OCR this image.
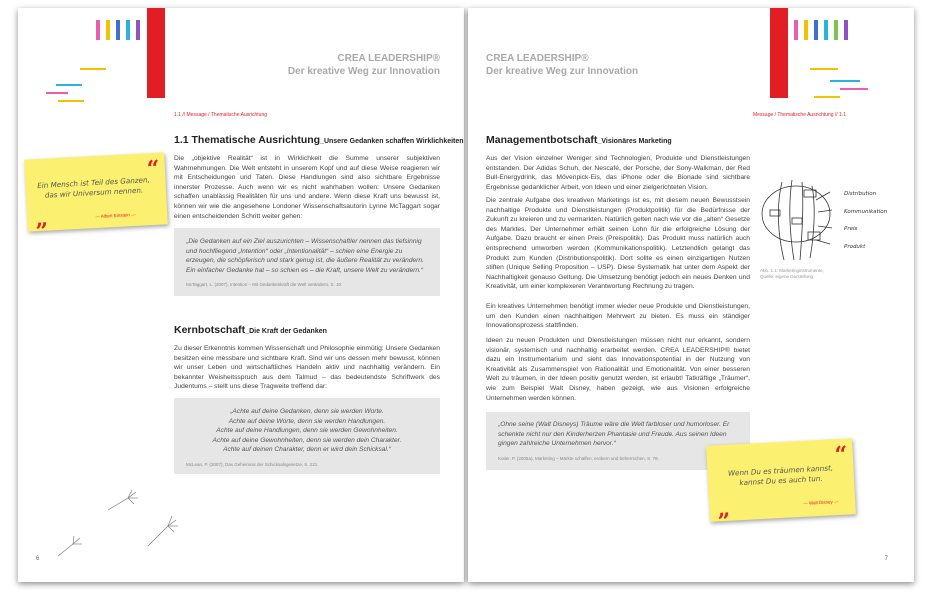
CREA LEADERSHIP®
Der kreative Weg zur Innovation
1.1 // Message / Thematische Ausrichtung
1.1 Thematische Ausrichtung_Unsere Gedanken schaffen Wirklichkeiten
Die „objektive Realität“ ist in Wirklichkeit die Summe unserer subjektiven Wahrnehmungen. Die Welt entsteht in unserem Kopf und auf diese Weise reagieren wir mit Entscheidungen und Taten. Diese Handlungen sind also sichtbare Ergebnisse innerster Prozesse. Auch wenn wir es nicht wahrhaben wollen: Unsere Gedanken schaffen unablässig Realitäten für uns und andere. Wenn diese Kraft uns bewusst ist, können wir wie die angesehene Londoner Wissenschaftsautorin Lynne McTaggart sogar einen entscheidenden Schritt weiter gehen:
„Die Gedanken auf ein Ziel auszurichten – Wissenschaftler nennen das tiefsinnig und hochfliegend „Intention“ oder „Intentionalität“ – schien eine Energie zu erzeugen, die schöpferisch und stark genug ist, die äußere Realität zu verändern. Ein einfacher Gedanke hat – so schien es – die Kraft, unsere Welt zu verändern.“
McTaggart, L. (2007), Intention – Mit Gedankenkraft die Welt verändern, S. 10.
Kernbotschaft_Die Kraft der Gedanken
Zu dieser Erkenntnis kommen Wissenschaft und Philosophie einmütig: Unsere Gedanken besitzen eine messbare und sichtbare Kraft. Sind wir uns dessen mehr bewusst, können wir unser Leben und wirtschaftliches Handeln aktiv und nachhaltig verändern. Ein bekannter Weisheitsspruch aus dem Talmud – das bedeutendste Schriftwerk des Judentums – stellt uns diese Tragweite treffend dar:
„Achte auf deine Gedanken, denn sie werden Worte.
Achte auf deine Worte, denn sie werden Handlungen.
Achte auf deine Handlungen, denn sie werden Gewohnheiten.
Achte auf deine Gewohnheiten, denn sie werden dein Charakter.
Achte auf deinen Charakter, denn er wird dein Schicksal.“
McLean, P. (2007), Das Geheimnis der Schicksalsgesetze, S. 221.
“
Ein Mensch ist Teil des Ganzen, das wir Universum nennen.
„	— Albert Einstein —
6
CREA LEADERSHIP®
Der kreative Weg zur Innovation
Message / Thematische Ausrichtung // 1.1
Managementbotschaft_Visionäres Marketing
Aus der Vision einzelner Weniger sind Technologien, Produkte und Dienstleistungen entstanden. Der Adidas Schuh, der Nescafé, der Porsche, der Sony-Walkman, der Red Bull-Energydrink, das Mövenpick-Eis, das iPhone oder die Bionade sind sichtbare Ergebnisse gedanklicher Arbeit, von Ideen und einer zielgerichteten Vision.
Die zentrale Aufgabe des kreativen Marketings ist es, mit diesem neuen Bewusstsein nachhaltige Produkte und Dienstleistungen (Produktpolitik) für die Bedürfnisse der Zukunft zu kreieren und zu vermarkten. Natürlich gelten nach wie vor die „alten“ Gesetze des Marktes. Der Unternehmer erhält seinen Lohn für die erfolgreiche Lösung der Aufgabe. Dazu braucht er einen Preis (Preispolitik). Das Produkt muss natürlich auch entsprechend umworben werden (Kommunikationspolitik). Letztendlich gelangt das Produkt zum Kunden (Distributionspolitik). Dort sollte es einen einzigartigen Nutzen stiften (Unique Selling Proposition – USP). Diese Systematik hat unter dem Aspekt der Nachhaltigkeit genauso Geltung. Die Umsetzung benötigt jedoch ein neues Denken und Kreativität, um einer komplexeren Verantwortung Rechnung zu tragen.
Ein kreatives Unternehmen benötigt immer wieder neue Produkte und Dienstleistungen, um den Kunden einen nachhaltigen Mehrwert zu bieten. Es muss ein ständiger Innovationsprozess stattfinden.
Ideen zu neuen Produkten und Dienstleistungen müssen nicht nur erkannt, sondern visionär, systemisch und nachhaltig erarbeitet werden. CREA LEADERSHIP® bietet dazu ein Instrumentarium und sieht das Innovationspotential in der Nutzung von Kreativität als Zusammenspiel von Rationalität und Emotionalität. Von einer besseren Welt zu träumen, in der Ideen positiv genutzt werden, ist erlaubt! Tatkräftige „Träumer“, wie zum Beispiel Walt Disney, haben gezeigt, wie aus Visionen erfolgreiche Unternehmen werden können.
„Ohne seine (Walt Disneys) Träume wäre die Welt farbloser und humorloser. Er schenkte nicht nur den Kinderherzen Phantasie und Freude. Aus seinen Ideen gingen zahlreiche Unternehmen hervor.“
Kotler, P. (2005a), Marketing – Märkte schaffen, erobern und beherrschen, S. 78.
Distribution
Kommunikation
Preis
Produkt
Abb. 1.1: Marketinginstrumente,
Quelle: eigene Darstellung
“
Wenn Du es träumen kannst, kannst Du es auch tun.
„	— Walt Disney —
7
